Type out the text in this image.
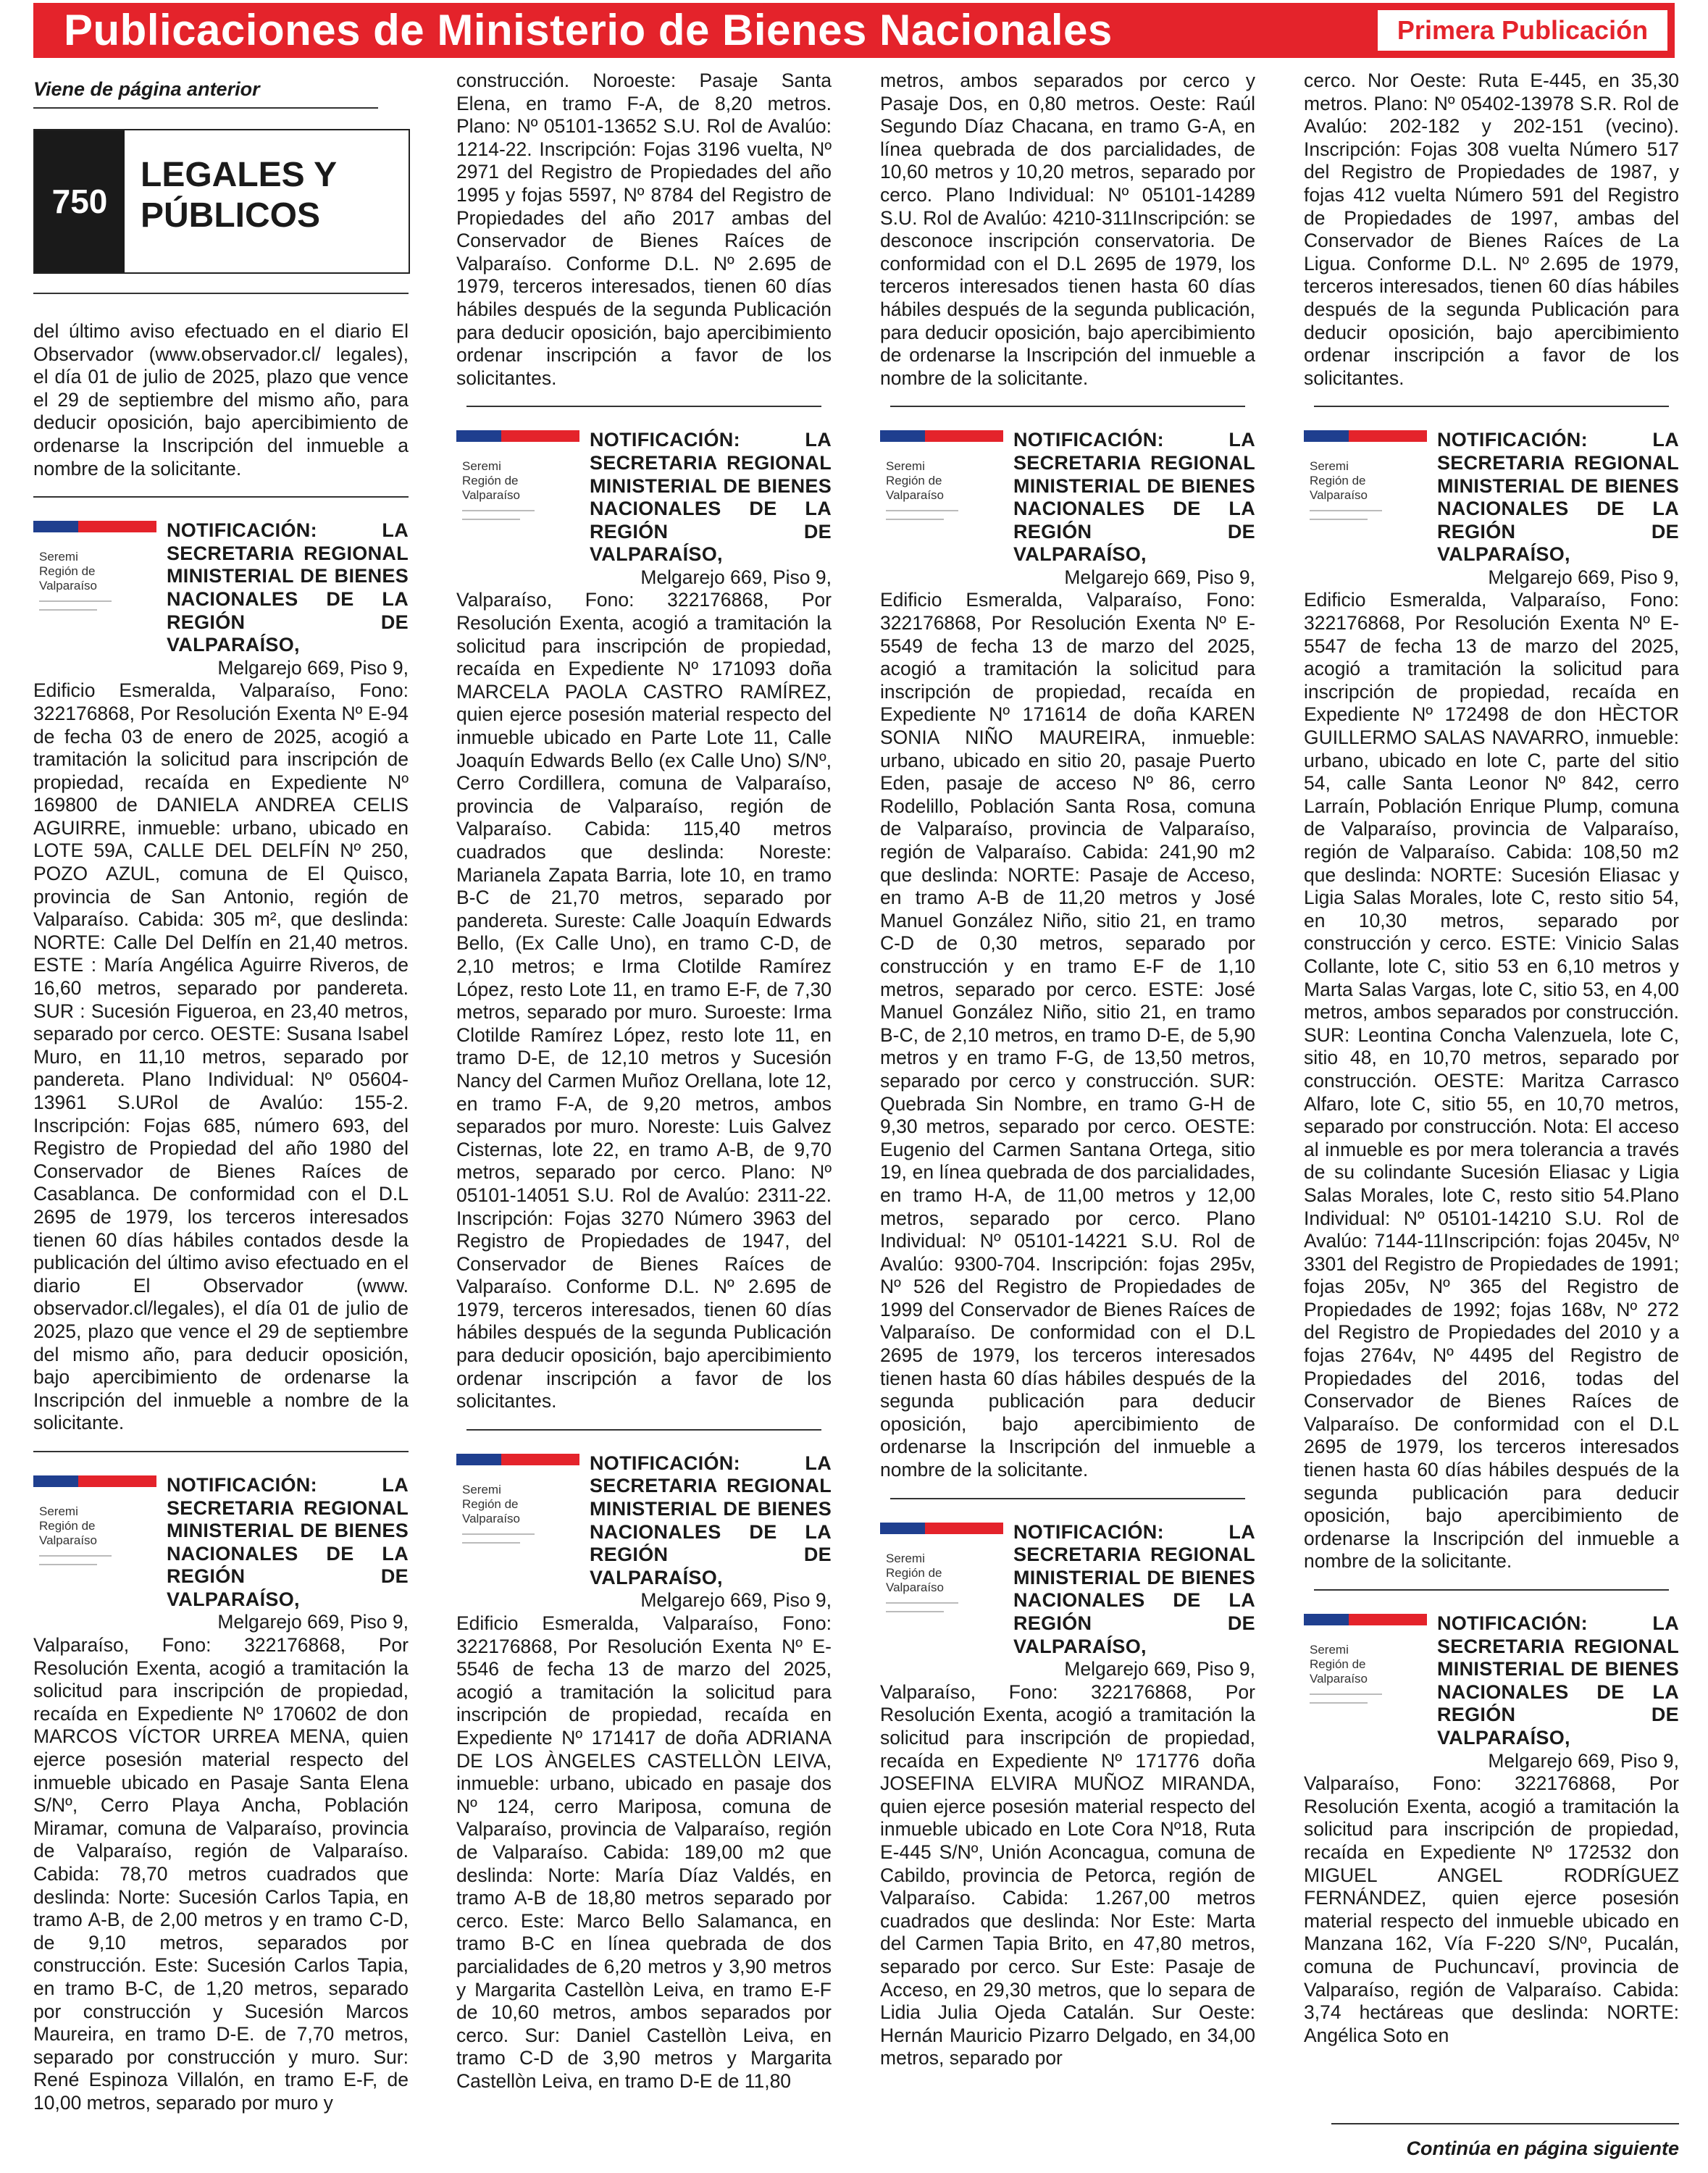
Publicaciones de Ministerio de Bienes Nacionales	Primera Publicación
Viene de página anterior
750
LEGALES Y
PÚBLICOS

del último aviso efectuado en el diario El Observador (www.observador.cl/ legales), el día 01 de julio de 2025, plazo que vence el 29 de septiembre del mismo año, para deducir oposición, bajo apercibimiento de ordenarse la Inscripción del inmueble a nombre de la solicitante.

Seremi
Región de
Valparaíso
NOTIFICACIÓN: LA
SECRETARIA REGIONAL
MINISTERIAL DE BIENES
NACIONALES DE LA
REGIÓN DE VALPARAÍSO,
Melgarejo 669, Piso 9,

Edificio Esmeralda, Valparaíso, Fono: 322176868, Por Resolución Exenta Nº E-94 de fecha 03 de enero de 2025, acogió a tramitación la solicitud para inscripción de propiedad, recaída en Expediente Nº 169800 de DANIELA ANDREA CELIS AGUIRRE, inmueble: urbano, ubicado en LOTE 59A, CALLE DEL DELFÍN Nº 250, POZO AZUL, comuna de El Quisco, provincia de San Antonio, región de Valparaíso. Cabida: 305 m², que deslinda: NORTE: Calle Del Delfín en 21,40 metros. ESTE : María Angélica Aguirre Riveros, de 16,60 metros, separado por pandereta. SUR : Sucesión Figueroa, en 23,40 metros, separado por cerco. OESTE: Susana Isabel Muro, en 11,10 metros, separado por pandereta. Plano Individual: Nº 05604-13961 S.URol de Avalúo: 155-2. Inscripción: Fojas 685, número 693, del Registro de Propiedad del año 1980 del Conservador de Bienes Raíces de Casablanca. De conformidad con el D.L 2695 de 1979, los terceros interesados tienen 60 días hábiles contados desde la publicación del último aviso efectuado en el diario El Observador (www. observador.cl/legales), el día 01 de julio de 2025, plazo que vence el 29 de septiembre del mismo año, para deducir oposición, bajo apercibimiento de ordenarse la Inscripción del inmueble a nombre de la solicitante.

Seremi
Región de
Valparaíso
NOTIFICACIÓN: LA
SECRETARIA REGIONAL
MINISTERIAL DE BIENES
NACIONALES DE LA
REGIÓN DE VALPARAÍSO,
Melgarejo 669, Piso 9,

Valparaíso, Fono: 322176868, Por Resolución Exenta, acogió a tramitación la solicitud para inscripción de propiedad, recaída en Expediente Nº 170602 de don MARCOS VÍCTOR URREA MENA, quien ejerce posesión material respecto del inmueble ubicado en Pasaje Santa Elena S/Nº, Cerro Playa Ancha, Población Miramar, comuna de Valparaíso, provincia de Valparaíso, región de Valparaíso. Cabida: 78,70 metros cuadrados que deslinda: Norte: Sucesión Carlos Tapia, en tramo A-B, de 2,00 metros y en tramo C-D, de 9,10 metros, separados por construcción. Este: Sucesión Carlos Tapia, en tramo B-C, de 1,20 metros, separado por construcción y Sucesión Marcos Maureira, en tramo D-E. de 7,70 metros, separado por construcción y muro. Sur: René Espinoza Villalón, en tramo E-F, de 10,00 metros, separado por muro y

construcción. Noroeste: Pasaje Santa Elena, en tramo F-A, de 8,20 metros. Plano: Nº 05101-13652 S.U. Rol de Avalúo: 1214-22. Inscripción: Fojas 3196 vuelta, Nº 2971 del Registro de Propiedades del año 1995 y fojas 5597, Nº 8784 del Registro de Propiedades del año 2017 ambas del Conservador de Bienes Raíces de Valparaíso. Conforme D.L. Nº 2.695 de 1979, terceros interesados, tienen 60 días hábiles después de la segunda Publicación para deducir oposición, bajo apercibimiento ordenar inscripción a favor de los solicitantes.

Seremi
Región de
Valparaíso
NOTIFICACIÓN: LA
SECRETARIA REGIONAL
MINISTERIAL DE BIENES
NACIONALES DE LA
REGIÓN DE VALPARAÍSO,
Melgarejo 669, Piso 9,

Valparaíso, Fono: 322176868, Por Resolución Exenta, acogió a tramitación la solicitud para inscripción de propiedad, recaída en Expediente Nº 171093 doña MARCELA PAOLA CASTRO RAMÍREZ, quien ejerce posesión material respecto del inmueble ubicado en Parte Lote 11, Calle Joaquín Edwards Bello (ex Calle Uno) S/Nº, Cerro Cordillera, comuna de Valparaíso, provincia de Valparaíso, región de Valparaíso. Cabida: 115,40 metros cuadrados que deslinda: Noreste: Marianela Zapata Barria, lote 10, en tramo B-C de 21,70 metros, separado por pandereta. Sureste: Calle Joaquín Edwards Bello, (Ex Calle Uno), en tramo C-D, de 2,10 metros; e Irma Clotilde Ramírez López, resto Lote 11, en tramo E-F, de 7,30 metros, separado por muro. Suroeste: Irma Clotilde Ramírez López, resto lote 11, en tramo D-E, de 12,10 metros y Sucesión Nancy del Carmen Muñoz Orellana, lote 12, en tramo F-A, de 9,20 metros, ambos separados por muro. Noreste: Luis Galvez Cisternas, lote 22, en tramo A-B, de 9,70 metros, separado por cerco. Plano: Nº 05101-14051 S.U. Rol de Avalúo: 2311-22. Inscripción: Fojas 3270 Número 3963 del Registro de Propiedades de 1947, del Conservador de Bienes Raíces de Valparaíso. Conforme D.L. Nº 2.695 de 1979, terceros interesados, tienen 60 días hábiles después de la segunda Publicación para deducir oposición, bajo apercibimiento ordenar inscripción a favor de los solicitantes.

Seremi
Región de
Valparaíso
NOTIFICACIÓN: LA
SECRETARIA REGIONAL
MINISTERIAL DE BIENES
NACIONALES DE LA
REGIÓN DE VALPARAÍSO,
Melgarejo 669, Piso 9,

Edificio Esmeralda, Valparaíso, Fono: 322176868, Por Resolución Exenta Nº E-5546 de fecha 13 de marzo del 2025, acogió a tramitación la solicitud para inscripción de propiedad, recaída en Expediente Nº 171417 de doña ADRIANA DE LOS ÀNGELES CASTELLÒN LEIVA, inmueble: urbano, ubicado en pasaje dos Nº 124, cerro Mariposa, comuna de Valparaíso, provincia de Valparaíso, región de Valparaíso. Cabida: 189,00 m2 que deslinda: Norte: María Díaz Valdés, en tramo A-B de 18,80 metros separado por cerco. Este: Marco Bello Salamanca, en tramo B-C en línea quebrada de dos parcialidades de 6,20 metros y 3,90 metros y Margarita Castellòn Leiva, en tramo E-F de 10,60 metros, ambos separados por cerco. Sur: Daniel Castellòn Leiva, en tramo C-D de 3,90 metros y Margarita Castellòn Leiva, en tramo D-E de 11,80

metros, ambos separados por cerco y Pasaje Dos, en 0,80 metros. Oeste: Raúl Segundo Díaz Chacana, en tramo G-A, en línea quebrada de dos parcialidades, de 10,60 metros y 10,20 metros, separado por cerco. Plano Individual: Nº 05101-14289 S.U. Rol de Avalúo: 4210-311Inscripción: se desconoce inscripción conservatoria. De conformidad con el D.L 2695 de 1979, los terceros interesados tienen hasta 60 días hábiles después de la segunda publicación, para deducir oposición, bajo apercibimiento de ordenarse la Inscripción del inmueble a nombre de la solicitante.

Seremi
Región de
Valparaíso
NOTIFICACIÓN: LA
SECRETARIA REGIONAL
MINISTERIAL DE BIENES
NACIONALES DE LA
REGIÓN DE VALPARAÍSO,
Melgarejo 669, Piso 9,

Edificio Esmeralda, Valparaíso, Fono: 322176868, Por Resolución Exenta Nº E-5549 de fecha 13 de marzo del 2025, acogió a tramitación la solicitud para inscripción de propiedad, recaída en Expediente Nº 171614 de doña KAREN SONIA NIÑO MAUREIRA, inmueble: urbano, ubicado en sitio 20, pasaje Puerto Eden, pasaje de acceso Nº 86, cerro Rodelillo, Población Santa Rosa, comuna de Valparaíso, provincia de Valparaíso, región de Valparaíso. Cabida: 241,90 m2 que deslinda: NORTE: Pasaje de Acceso, en tramo A-B de 11,20 metros y José Manuel González Niño, sitio 21, en tramo C-D de 0,30 metros, separado por construcción y en tramo E-F de 1,10 metros, separado por cerco. ESTE: José Manuel González Niño, sitio 21, en tramo B-C, de 2,10 metros, en tramo D-E, de 5,90 metros y en tramo F-G, de 13,50 metros, separado por cerco y construcción. SUR: Quebrada Sin Nombre, en tramo G-H de 9,30 metros, separado por cerco. OESTE: Eugenio del Carmen Santana Ortega, sitio 19, en línea quebrada de dos parcialidades, en tramo H-A, de 11,00 metros y 12,00 metros, separado por cerco. Plano Individual: Nº 05101-14221 S.U. Rol de Avalúo: 9300-704. Inscripción: fojas 295v, Nº 526 del Registro de Propiedades de 1999 del Conservador de Bienes Raíces de Valparaíso. De conformidad con el D.L 2695 de 1979, los terceros interesados tienen hasta 60 días hábiles después de la segunda publicación para deducir oposición, bajo apercibimiento de ordenarse la Inscripción del inmueble a nombre de la solicitante.

Seremi
Región de
Valparaíso
NOTIFICACIÓN: LA
SECRETARIA REGIONAL
MINISTERIAL DE BIENES
NACIONALES DE LA
REGIÓN DE VALPARAÍSO,
Melgarejo 669, Piso 9,

Valparaíso, Fono: 322176868, Por Resolución Exenta, acogió a tramitación la solicitud para inscripción de propiedad, recaída en Expediente Nº 171776 doña JOSEFINA ELVIRA MUÑOZ MIRANDA, quien ejerce posesión material respecto del inmueble ubicado en Lote Cora Nº18, Ruta E-445 S/Nº, Unión Aconcagua, comuna de Cabildo, provincia de Petorca, región de Valparaíso. Cabida: 1.267,00 metros cuadrados que deslinda: Nor Este: Marta del Carmen Tapia Brito, en 47,80 metros, separado por cerco. Sur Este: Pasaje de Acceso, en 29,30 metros, que lo separa de Lidia Julia Ojeda Catalán. Sur Oeste: Hernán Mauricio Pizarro Delgado, en 34,00 metros, separado por

cerco. Nor Oeste: Ruta E-445, en 35,30 metros. Plano: Nº 05402-13978 S.R. Rol de Avalúo: 202-182 y 202-151 (vecino). Inscripción: Fojas 308 vuelta Número 517 del Registro de Propiedades de 1987, y fojas 412 vuelta Número 591 del Registro de Propiedades de 1997, ambas del Conservador de Bienes Raíces de La Ligua. Conforme D.L. Nº 2.695 de 1979, terceros interesados, tienen 60 días hábiles después de la segunda Publicación para deducir oposición, bajo apercibimiento ordenar inscripción a favor de los solicitantes.

Seremi
Región de
Valparaíso
NOTIFICACIÓN: LA
SECRETARIA REGIONAL
MINISTERIAL DE BIENES
NACIONALES DE LA
REGIÓN DE VALPARAÍSO,
Melgarejo 669, Piso 9,

Edificio Esmeralda, Valparaíso, Fono: 322176868, Por Resolución Exenta Nº E-5547 de fecha 13 de marzo del 2025, acogió a tramitación la solicitud para inscripción de propiedad, recaída en Expediente Nº 172498 de don HÈCTOR GUILLERMO SALAS NAVARRO, inmueble: urbano, ubicado en lote C, parte del sitio 54, calle Santa Leonor Nº 842, cerro Larraín, Población Enrique Plump, comuna de Valparaíso, provincia de Valparaíso, región de Valparaíso. Cabida: 108,50 m2 que deslinda: NORTE: Sucesión Eliasac y Ligia Salas Morales, lote C, resto sitio 54, en 10,30 metros, separado por construcción y cerco. ESTE: Vinicio Salas Collante, lote C, sitio 53 en 6,10 metros y Marta Salas Vargas, lote C, sitio 53, en 4,00 metros, ambos separados por construcción. SUR: Leontina Concha Valenzuela, lote C, sitio 48, en 10,70 metros, separado por construcción. OESTE: Maritza Carrasco Alfaro, lote C, sitio 55, en 10,70 metros, separado por construcción. Nota: El acceso al inmueble es por mera tolerancia a través de su colindante Sucesión Eliasac y Ligia Salas Morales, lote C, resto sitio 54.Plano Individual: Nº 05101-14210 S.U. Rol de Avalúo: 7144-11Inscripción: fojas 2045v, Nº 3301 del Registro de Propiedades de 1991; fojas 205v, Nº 365 del Registro de Propiedades de 1992; fojas 168v, Nº 272 del Registro de Propiedades del 2010 y a fojas 2764v, Nº 4495 del Registro de Propiedades del 2016, todas del Conservador de Bienes Raíces de Valparaíso. De conformidad con el D.L 2695 de 1979, los terceros interesados tienen hasta 60 días hábiles después de la segunda publicación para deducir oposición, bajo apercibimiento de ordenarse la Inscripción del inmueble a nombre de la solicitante.

Seremi
Región de
Valparaíso
NOTIFICACIÓN: LA
SECRETARIA REGIONAL
MINISTERIAL DE BIENES
NACIONALES DE LA
REGIÓN DE VALPARAÍSO,
Melgarejo 669, Piso 9,

Valparaíso, Fono: 322176868, Por Resolución Exenta, acogió a tramitación la solicitud para inscripción de propiedad, recaída en Expediente Nº 172532 don MIGUEL ANGEL RODRÍGUEZ FERNÁNDEZ, quien ejerce posesión material respecto del inmueble ubicado en Manzana 162, Vía F-220 S/Nº, Pucalán, comuna de Puchuncaví, provincia de Valparaíso, región de Valparaíso. Cabida: 3,74 hectáreas que deslinda: NORTE: Angélica Soto en

Continúa en página siguiente
